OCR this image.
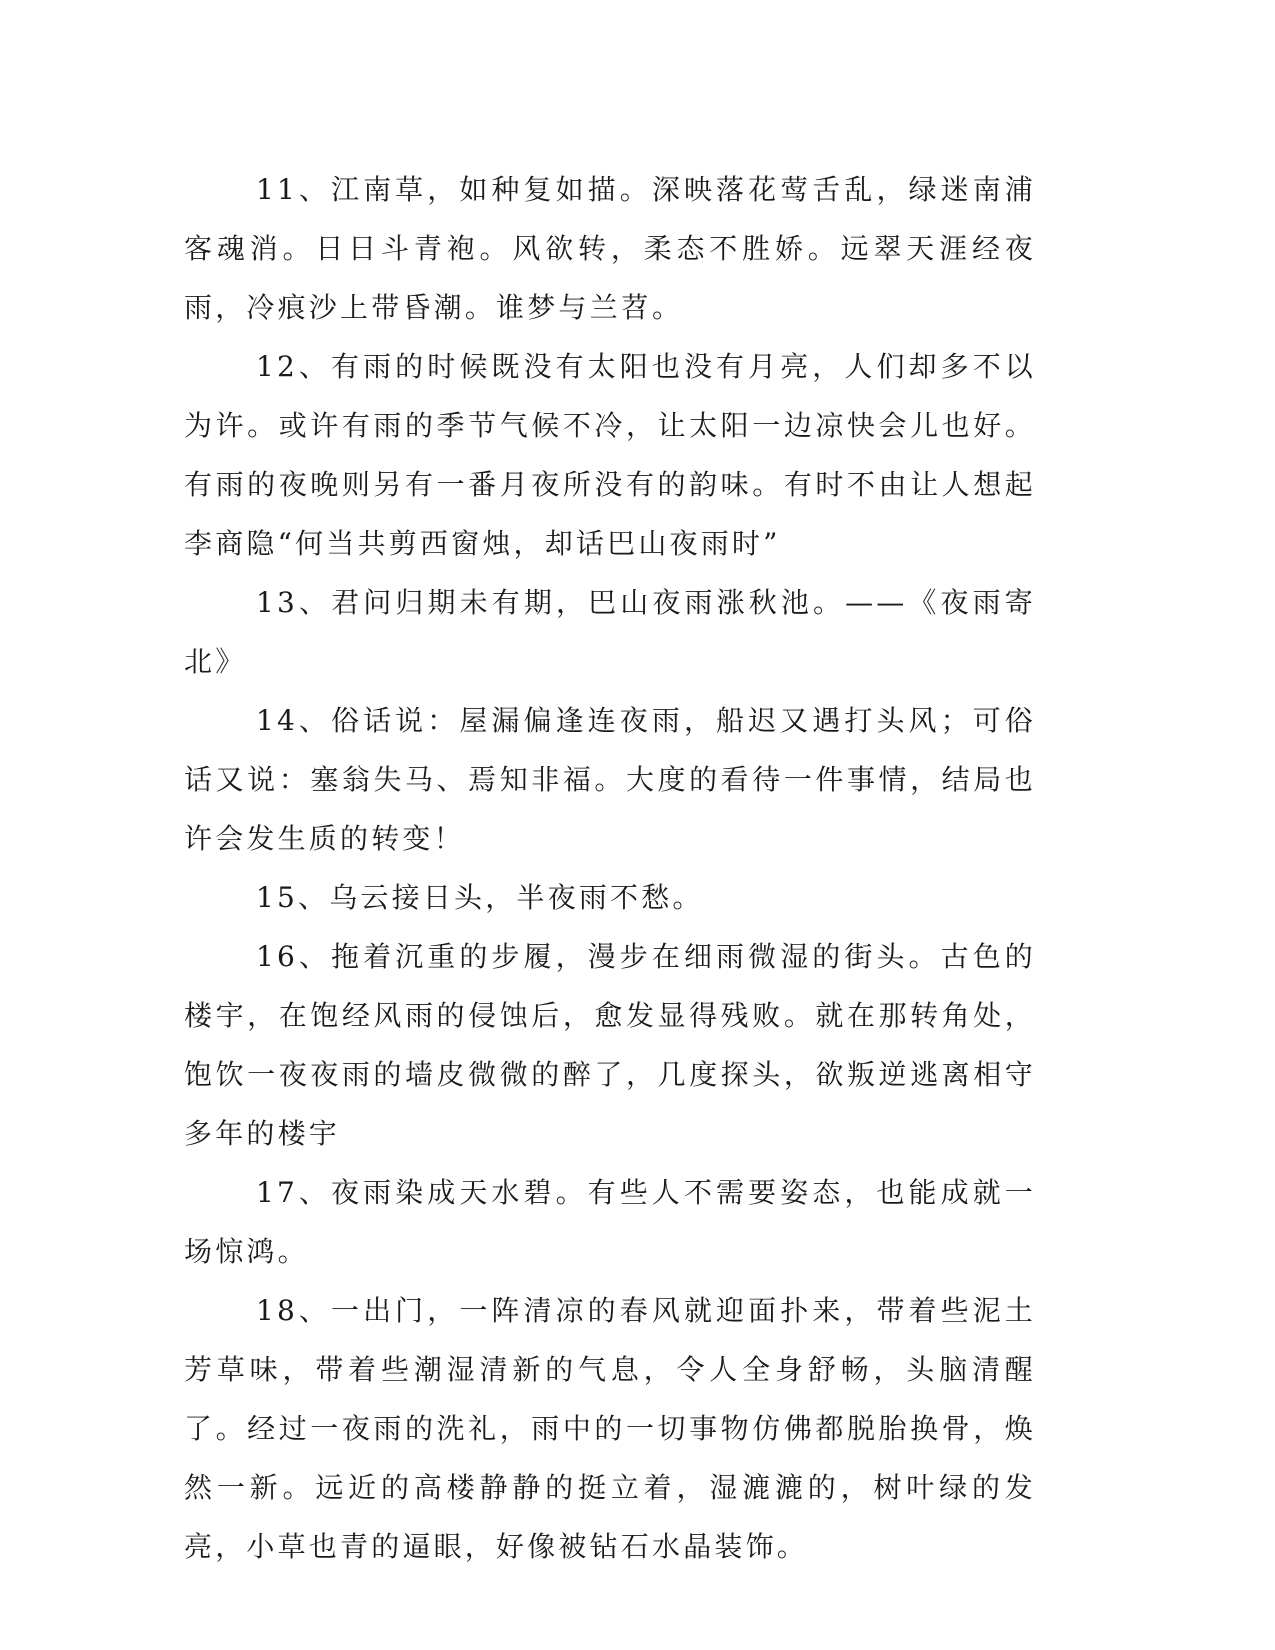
11、江南草，如种复如描。深映落花莺舌乱，绿迷南浦客魂消。日日斗青袍。风欲转，柔态不胜娇。远翠天涯经夜雨，冷痕沙上带昏潮。谁梦与兰苕。

12、有雨的时候既没有太阳也没有月亮，人们却多不以为许。或许有雨的季节气候不冷，让太阳一边凉快会儿也好。有雨的夜晚则另有一番月夜所没有的韵味。有时不由让人想起李商隐“何当共剪西窗烛，却话巴山夜雨时”

13、君问归期未有期，巴山夜雨涨秋池。——《夜雨寄北》

14、俗话说：屋漏偏逢连夜雨，船迟又遇打头风；可俗话又说：塞翁失马、焉知非福。大度的看待一件事情，结局也许会发生质的转变！

15、乌云接日头，半夜雨不愁。

16、拖着沉重的步履，漫步在细雨微湿的街头。古色的楼宇，在饱经风雨的侵蚀后，愈发显得残败。就在那转角处，饱饮一夜夜雨的墙皮微微的醉了，几度探头，欲叛逆逃离相守多年的楼宇

17、夜雨染成天水碧。有些人不需要姿态，也能成就一场惊鸿。

18、一出门，一阵清凉的春风就迎面扑来，带着些泥土芳草味，带着些潮湿清新的气息，令人全身舒畅，头脑清醒了。经过一夜雨的洗礼，雨中的一切事物仿佛都脱胎换骨，焕然一新。远近的高楼静静的挺立着，湿漉漉的，树叶绿的发亮，小草也青的逼眼，好像被钻石水晶装饰。
